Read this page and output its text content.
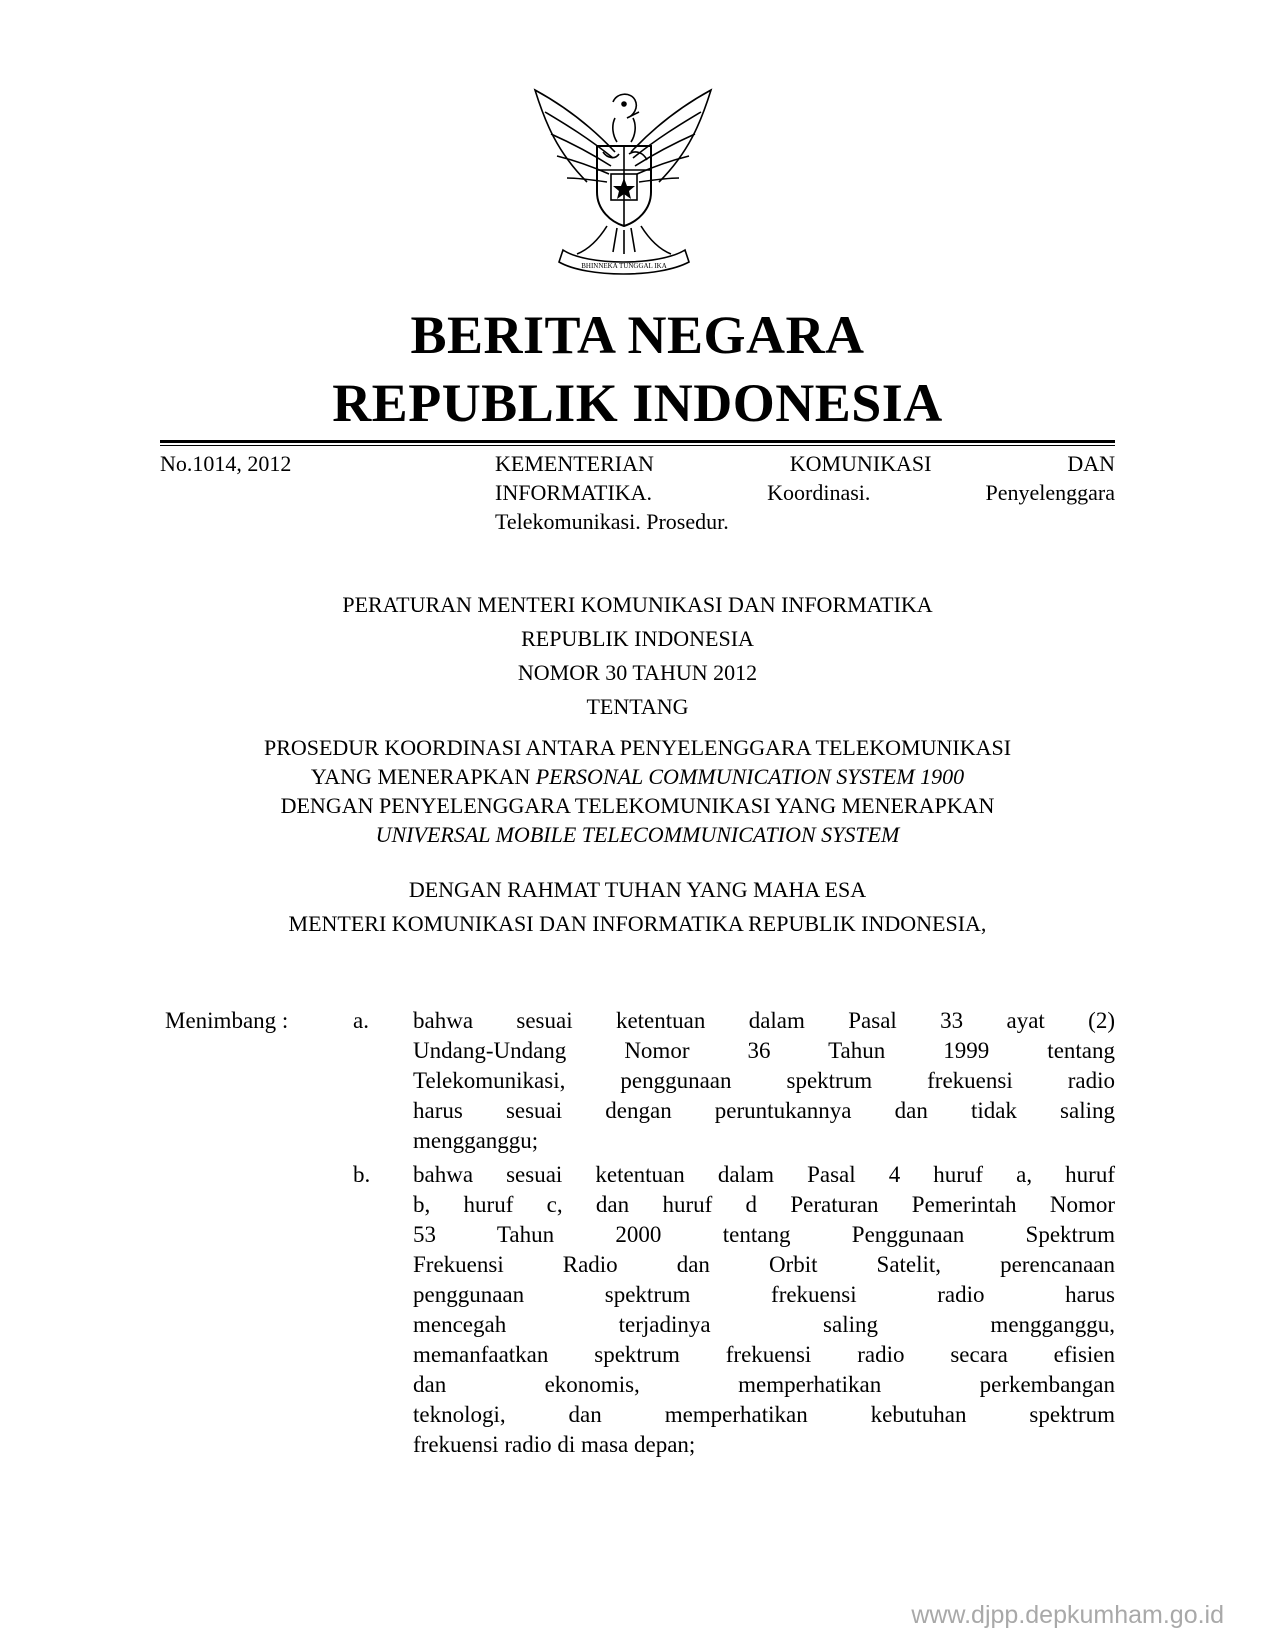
BHINNEKA TUNGGAL IKA
BERITA NEGARA
REPUBLIK INDONESIA
No.1014, 2012	KEMENTERIAN KOMUNIKASI DAN
INFORMATIKA. Koordinasi. Penyelenggara
Telekomunikasi. Prosedur.
PERATURAN MENTERI KOMUNIKASI DAN INFORMATIKA
REPUBLIK INDONESIA
NOMOR 30 TAHUN 2012
TENTANG
PROSEDUR KOORDINASI ANTARA PENYELENGGARA TELEKOMUNIKASI
YANG MENERAPKAN PERSONAL COMMUNICATION SYSTEM 1900
DENGAN PENYELENGGARA TELEKOMUNIKASI YANG MENERAPKAN
UNIVERSAL MOBILE TELECOMMUNICATION SYSTEM
DENGAN RAHMAT TUHAN YANG MAHA ESA
MENTERI KOMUNIKASI DAN INFORMATIKA REPUBLIK INDONESIA,
Menimbang :	a. bahwa sesuai ketentuan dalam Pasal 33 ayat (2)
Undang-Undang Nomor 36 Tahun 1999 tentang
Telekomunikasi, penggunaan spektrum frekuensi radio
harus sesuai dengan peruntukannya dan tidak saling
mengganggu;
b. bahwa sesuai ketentuan dalam Pasal 4 huruf a, huruf
b, huruf c, dan huruf d Peraturan Pemerintah Nomor
53 Tahun 2000 tentang Penggunaan Spektrum
Frekuensi Radio dan Orbit Satelit, perencanaan
penggunaan spektrum frekuensi radio harus
mencegah terjadinya saling mengganggu,
memanfaatkan spektrum frekuensi radio secara efisien
dan ekonomis, memperhatikan perkembangan
teknologi, dan memperhatikan kebutuhan spektrum
frekuensi radio di masa depan;
www.djpp.depkumham.go.id
